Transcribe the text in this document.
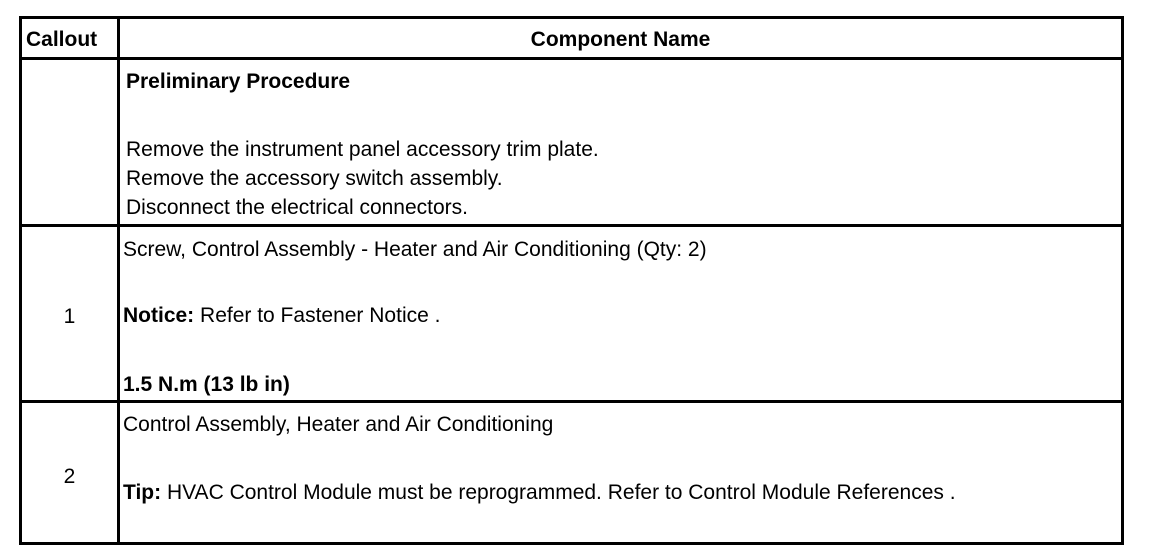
Callout	Component Name
Preliminary Procedure
Remove the instrument panel accessory trim plate.
Remove the accessory switch assembly.
Disconnect the electrical connectors.
1
Screw, Control Assembly - Heater and Air Conditioning (Qty: 2)
Notice: Refer to Fastener Notice .
1.5 N.m (13 lb in)
2
Control Assembly, Heater and Air Conditioning
Tip: HVAC Control Module must be reprogrammed. Refer to Control Module References .
